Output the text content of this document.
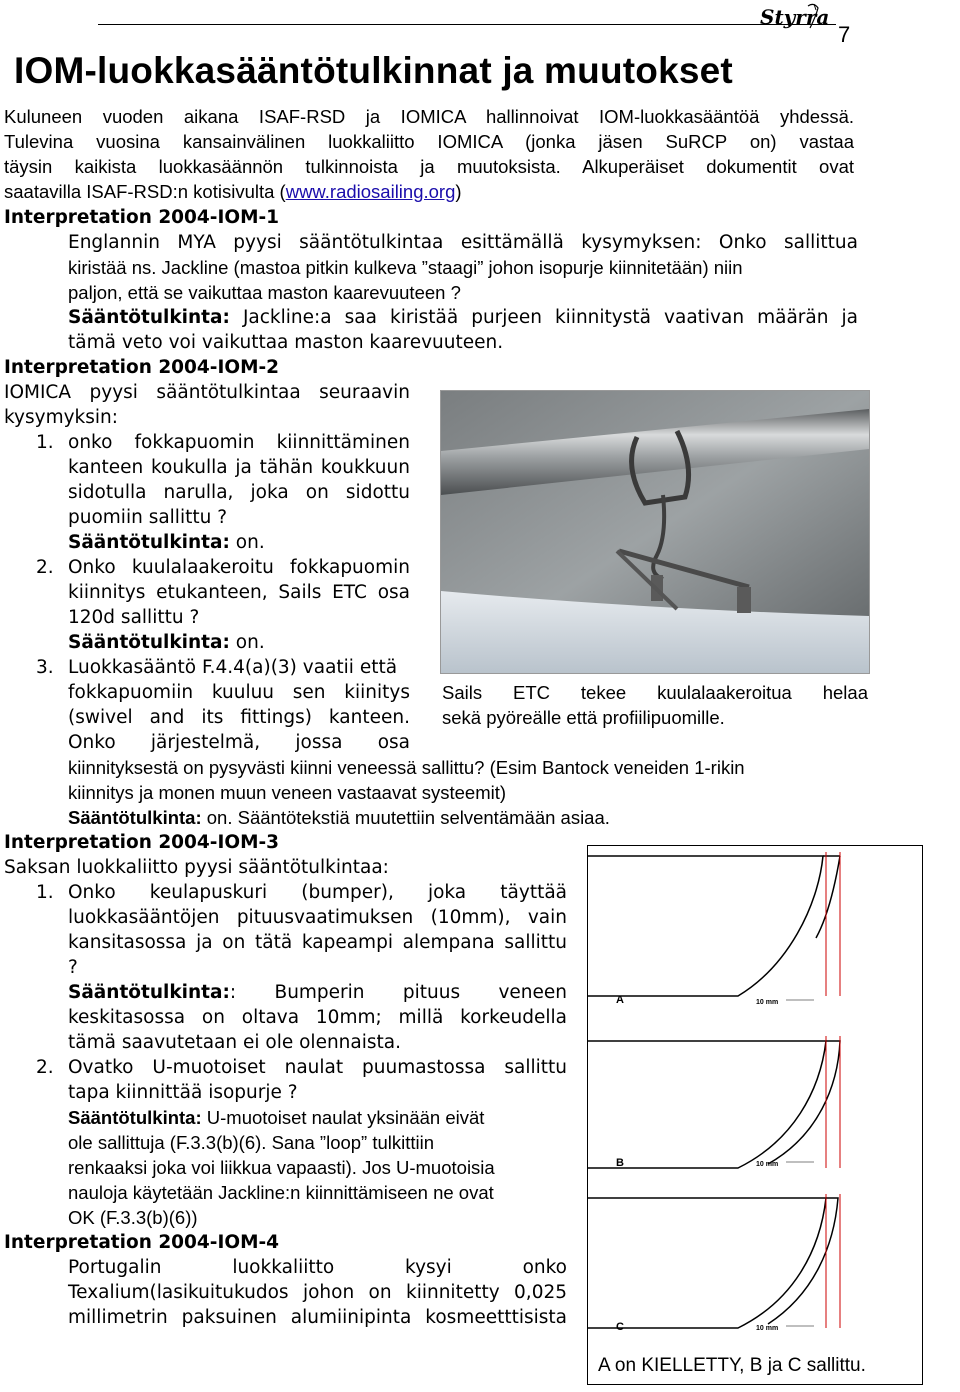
Styrra
7
IOM-luokkasääntötulkinnat ja muutokset
Kuluneen vuoden aikana ISAF-RSD ja IOMICA hallinnoivat IOM-luokkasääntöä yhdessä.
Tulevina vuosina kansainvälinen luokkaliitto IOMICA (jonka jäsen SuRCP on) vastaa
täysin kaikista luokkasäännön tulkinnoista ja muutoksista. Alkuperäiset dokumentit ovat
saatavilla ISAF-RSD:n kotisivulta (www.radiosailing.org)
Interpretation 2004-IOM-1
Englannin MYA pyysi sääntötulkintaa esittämällä kysymyksen: Onko sallittua
kiristää ns. Jackline (mastoa pitkin kulkeva ”staagi” johon isopurje kiinnitetään) niin
paljon, että se vaikuttaa maston kaarevuuteen ?
Sääntötulkinta: Jackline:a saa kiristää purjeen kiinnitystä vaativan määrän ja
tämä veto voi vaikuttaa maston kaarevuuteen.
Interpretation 2004-IOM-2
IOMICA pyysi sääntötulkintaa seuraavin
kysymyksin:
1. onko fokkapuomin kiinnittäminen
kanteen koukulla ja tähän koukkuun
sidotulla narulla, joka on sidottu
puomiin sallittu ?
Sääntötulkinta: on.
2. Onko kuulalaakeroitu fokkapuomin
kiinnitys etukanteen, Sails ETC osa
120d sallittu ?
Sääntötulkinta: on.
3. Luokkasääntö F.4.4(a)(3) vaatii että
fokkapuomiin kuuluu sen kiinitys
(swivel and its fittings) kanteen.
Onko järjestelmä, jossa osa
kiinnityksestä on pysyvästi kiinni veneessä sallittu? (Esim Bantock veneiden 1-rikin
kiinnitys ja monen muun veneen vastaavat systeemit)
Sääntötulkinta: on. Sääntötekstiä muutettiin selventämään asiaa.
Sails ETC tekee kuulalaakeroitua helaa
sekä pyöreälle että profiilipuomille.
Interpretation 2004-IOM-3
Saksan luokkaliitto pyysi sääntötulkintaa:
1. Onko keulapuskuri (bumper), joka täyttää
luokkasääntöjen pituusvaatimuksen (10mm), vain
kansitasossa ja on tätä kapeampi alempana sallittu
?
Sääntötulkinta:: Bumperin pituus veneen
keskitasossa on oltava 10mm; millä korkeudella
tämä saavutetaan ei ole olennaista.
2. Ovatko U-muotoiset naulat puumastossa sallittu
tapa kiinnittää isopurje ?
Sääntötulkinta: U-muotoiset naulat yksinään eivät
ole sallittuja (F.3.3(b)(6). Sana ”loop” tulkittiin
renkaaksi joka voi liikkua vapaasti). Jos U-muotoisia
nauloja käytetään Jackline:n kiinnittämiseen ne ovat
OK (F.3.3(b)(6))
Interpretation 2004-IOM-4
Portugalin luokkaliitto kysyi onko
Texalium(lasikuitukudos johon on kiinnitetty 0,025
millimetrin paksuinen alumiinipinta kosmeetttisista
A	10 mm
B	10 mm
C	10 mm
A on KIELLETTY, B ja C sallittu.
